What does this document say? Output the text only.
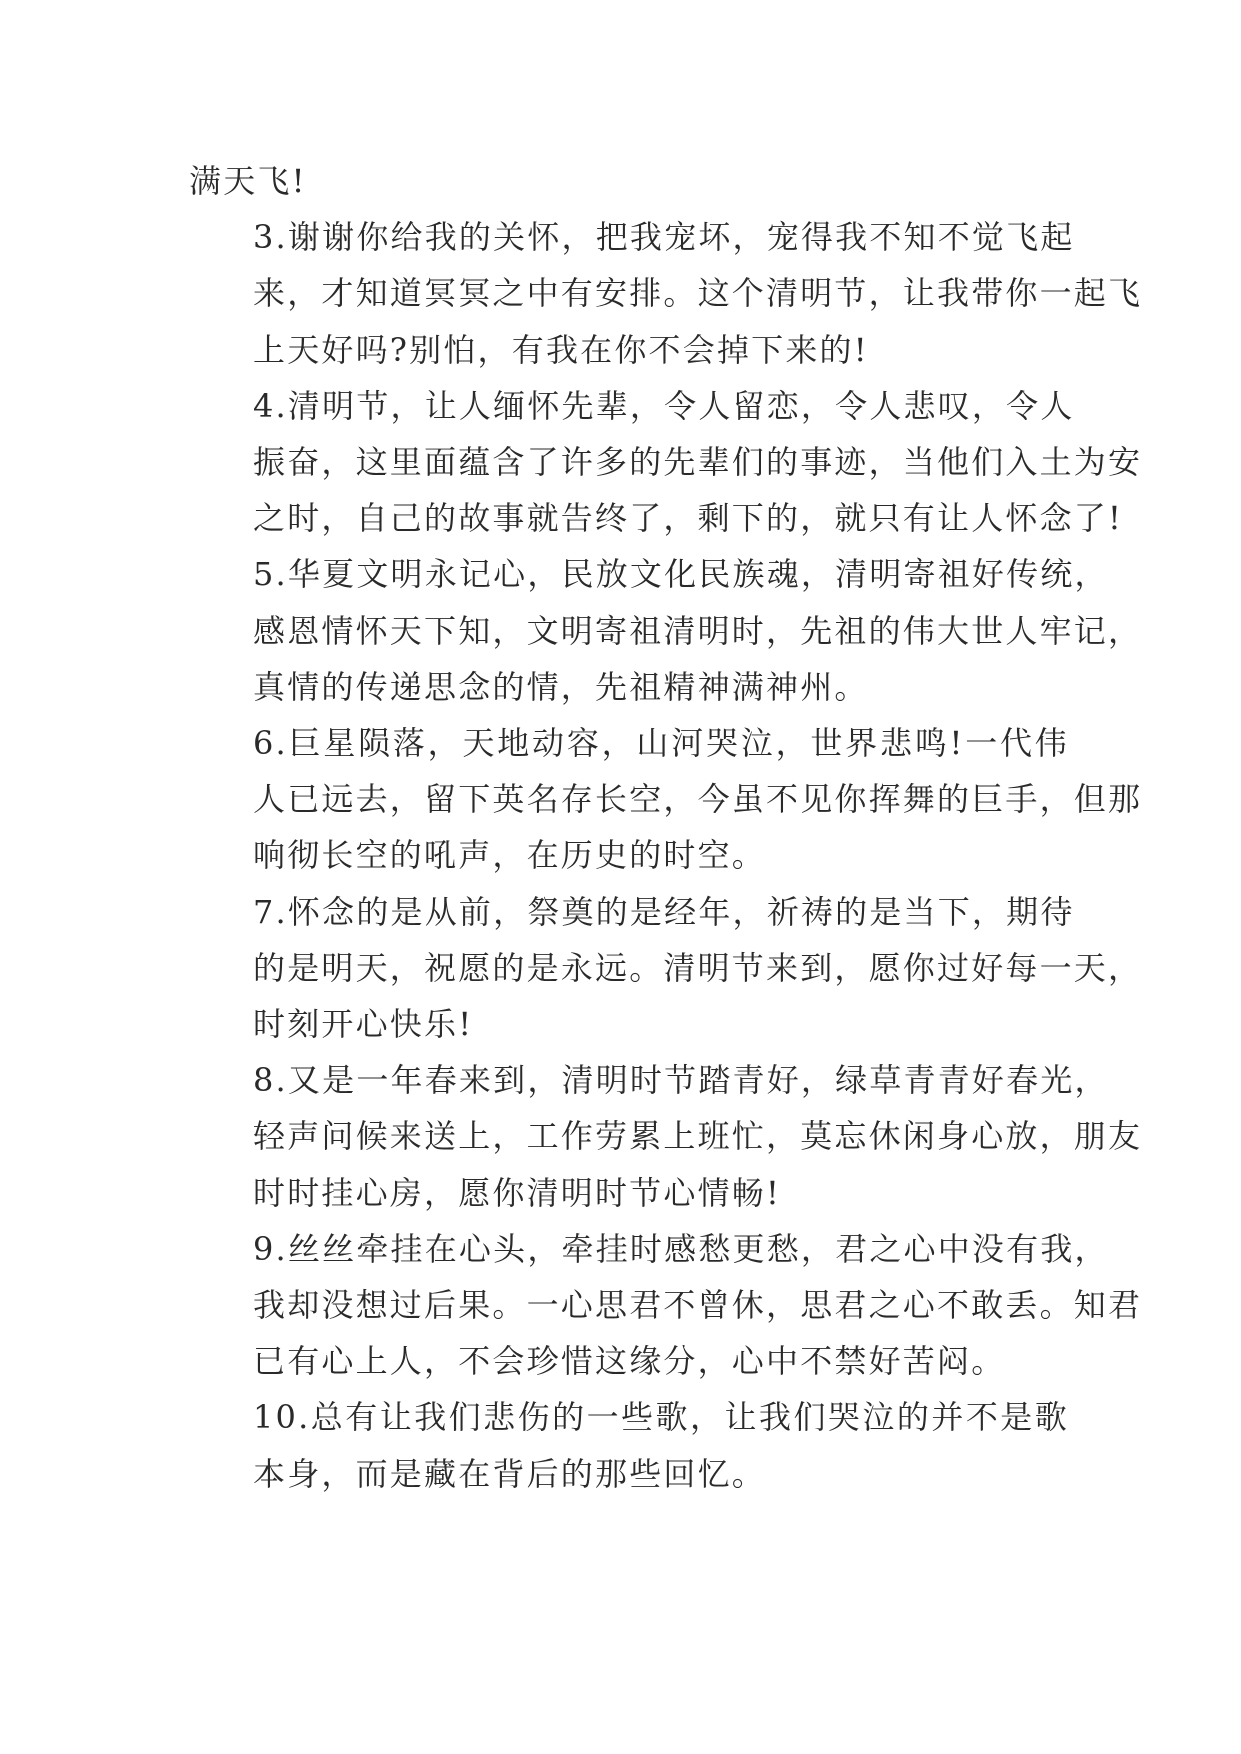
满天飞!

3.谢谢你给我的关怀，把我宠坏，宠得我不知不觉飞起
来，才知道冥冥之中有安排。这个清明节，让我带你一起飞
上天好吗?别怕，有我在你不会掉下来的!

4.清明节，让人缅怀先辈，令人留恋，令人悲叹，令人
振奋，这里面蕴含了许多的先辈们的事迹，当他们入土为安
之时，自己的故事就告终了，剩下的，就只有让人怀念了!

5.华夏文明永记心，民放文化民族魂，清明寄祖好传统，
感恩情怀天下知，文明寄祖清明时，先祖的伟大世人牢记，
真情的传递思念的情，先祖精神满神州。

6.巨星陨落，天地动容，山河哭泣，世界悲鸣!一代伟
人已远去，留下英名存长空，今虽不见你挥舞的巨手，但那
响彻长空的吼声，在历史的时空。

7.怀念的是从前，祭奠的是经年，祈祷的是当下，期待
的是明天，祝愿的是永远。清明节来到，愿你过好每一天，
时刻开心快乐!

8.又是一年春来到，清明时节踏青好，绿草青青好春光，
轻声问候来送上，工作劳累上班忙，莫忘休闲身心放，朋友
时时挂心房，愿你清明时节心情畅!

9.丝丝牵挂在心头，牵挂时感愁更愁，君之心中没有我，
我却没想过后果。一心思君不曾休，思君之心不敢丢。知君
已有心上人，不会珍惜这缘分，心中不禁好苦闷。

10.总有让我们悲伤的一些歌，让我们哭泣的并不是歌
本身，而是藏在背后的那些回忆。
